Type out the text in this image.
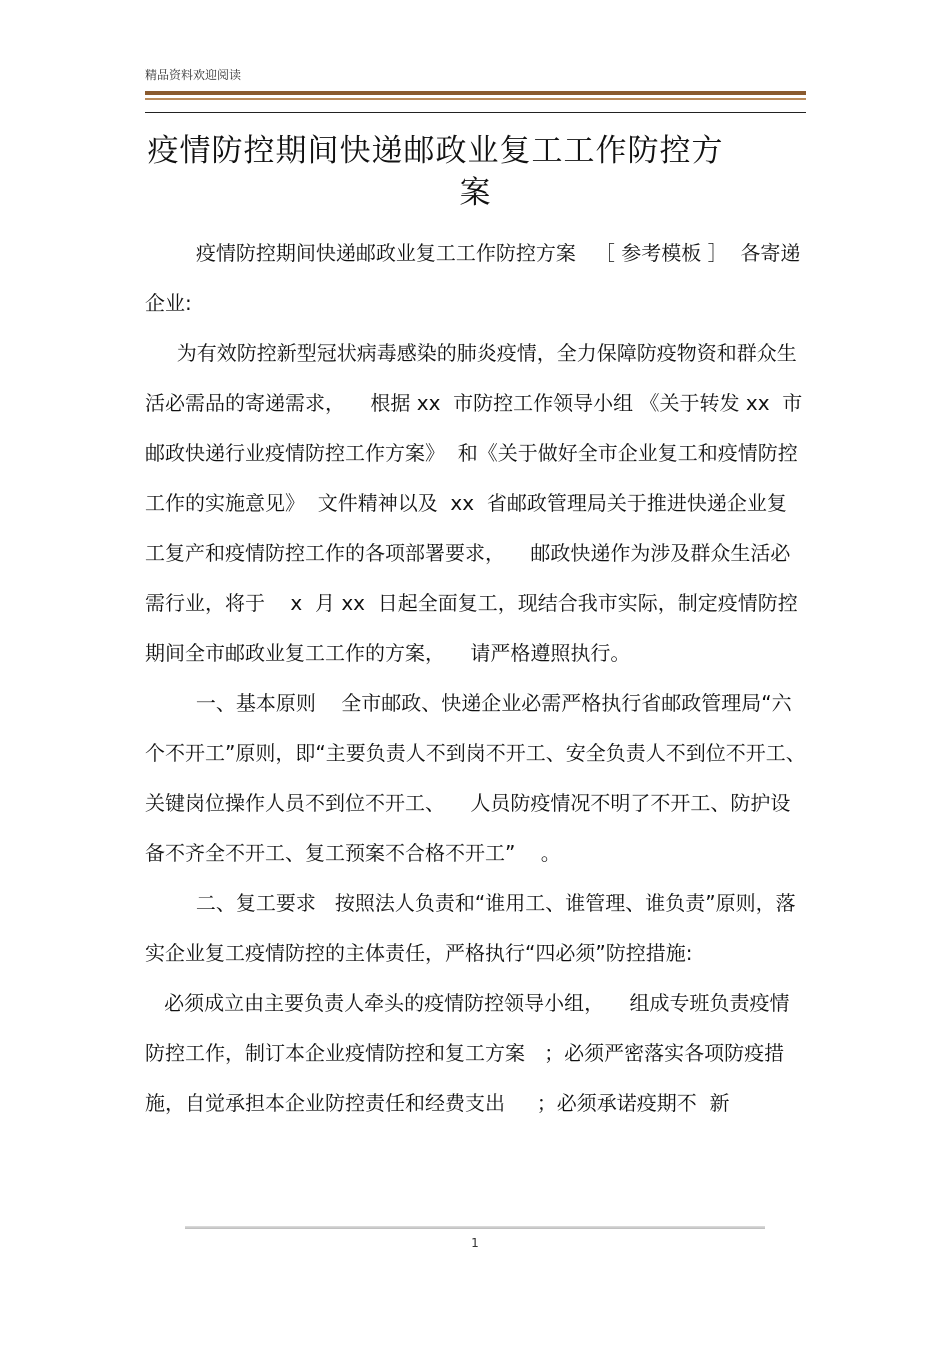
精品资料欢迎阅读
疫情防控期间快递邮政业复工工作防控方
案
疫情防控期间快递邮政业复工工作防控方案   ［ 参考模板 ］  各寄递企业:
为有效防控新型冠状病毒感染的肺炎疫情，全力保障防疫物资和群众生活必需品的寄递需求，    根据 xx  市防控工作领导小组 《关于转发 xx  市邮政快递行业疫情防控工作方案》  和《关于做好全市企业复工和疫情防控工作的实施意见》  文件精神以及  xx  省邮政管理局关于推进快递企业复工复产和疫情防控工作的各项部署要求，    邮政快递作为涉及群众生活必需行业，将于    x  月 xx  日起全面复工，现结合我市实际，制定疫情防控期间全市邮政业复工工作的方案，    请严格遵照执行。
一、基本原则    全市邮政、快递企业必需严格执行省邮政管理局“六个不开工”原则，即“主要负责人不到岗不开工、安全负责人不到位不开工、 关键岗位操作人员不到位不开工、    人员防疫情况不明了不开工、防护设备不齐全不开工、复工预案不合格不开工”    。
二、复工要求   按照法人负责和“谁用工、谁管理、谁负责”原则，落实企业复工疫情防控的主体责任，严格执行“四必须”防控措施:
必须成立由主要负责人牵头的疫情防控领导小组，    组成专班负责疫情防控工作，制订本企业疫情防控和复工方案   ；必须严密落实各项防疫措施，自觉承担本企业防控责任和经费支出     ；必须承诺疫期不  新
1
